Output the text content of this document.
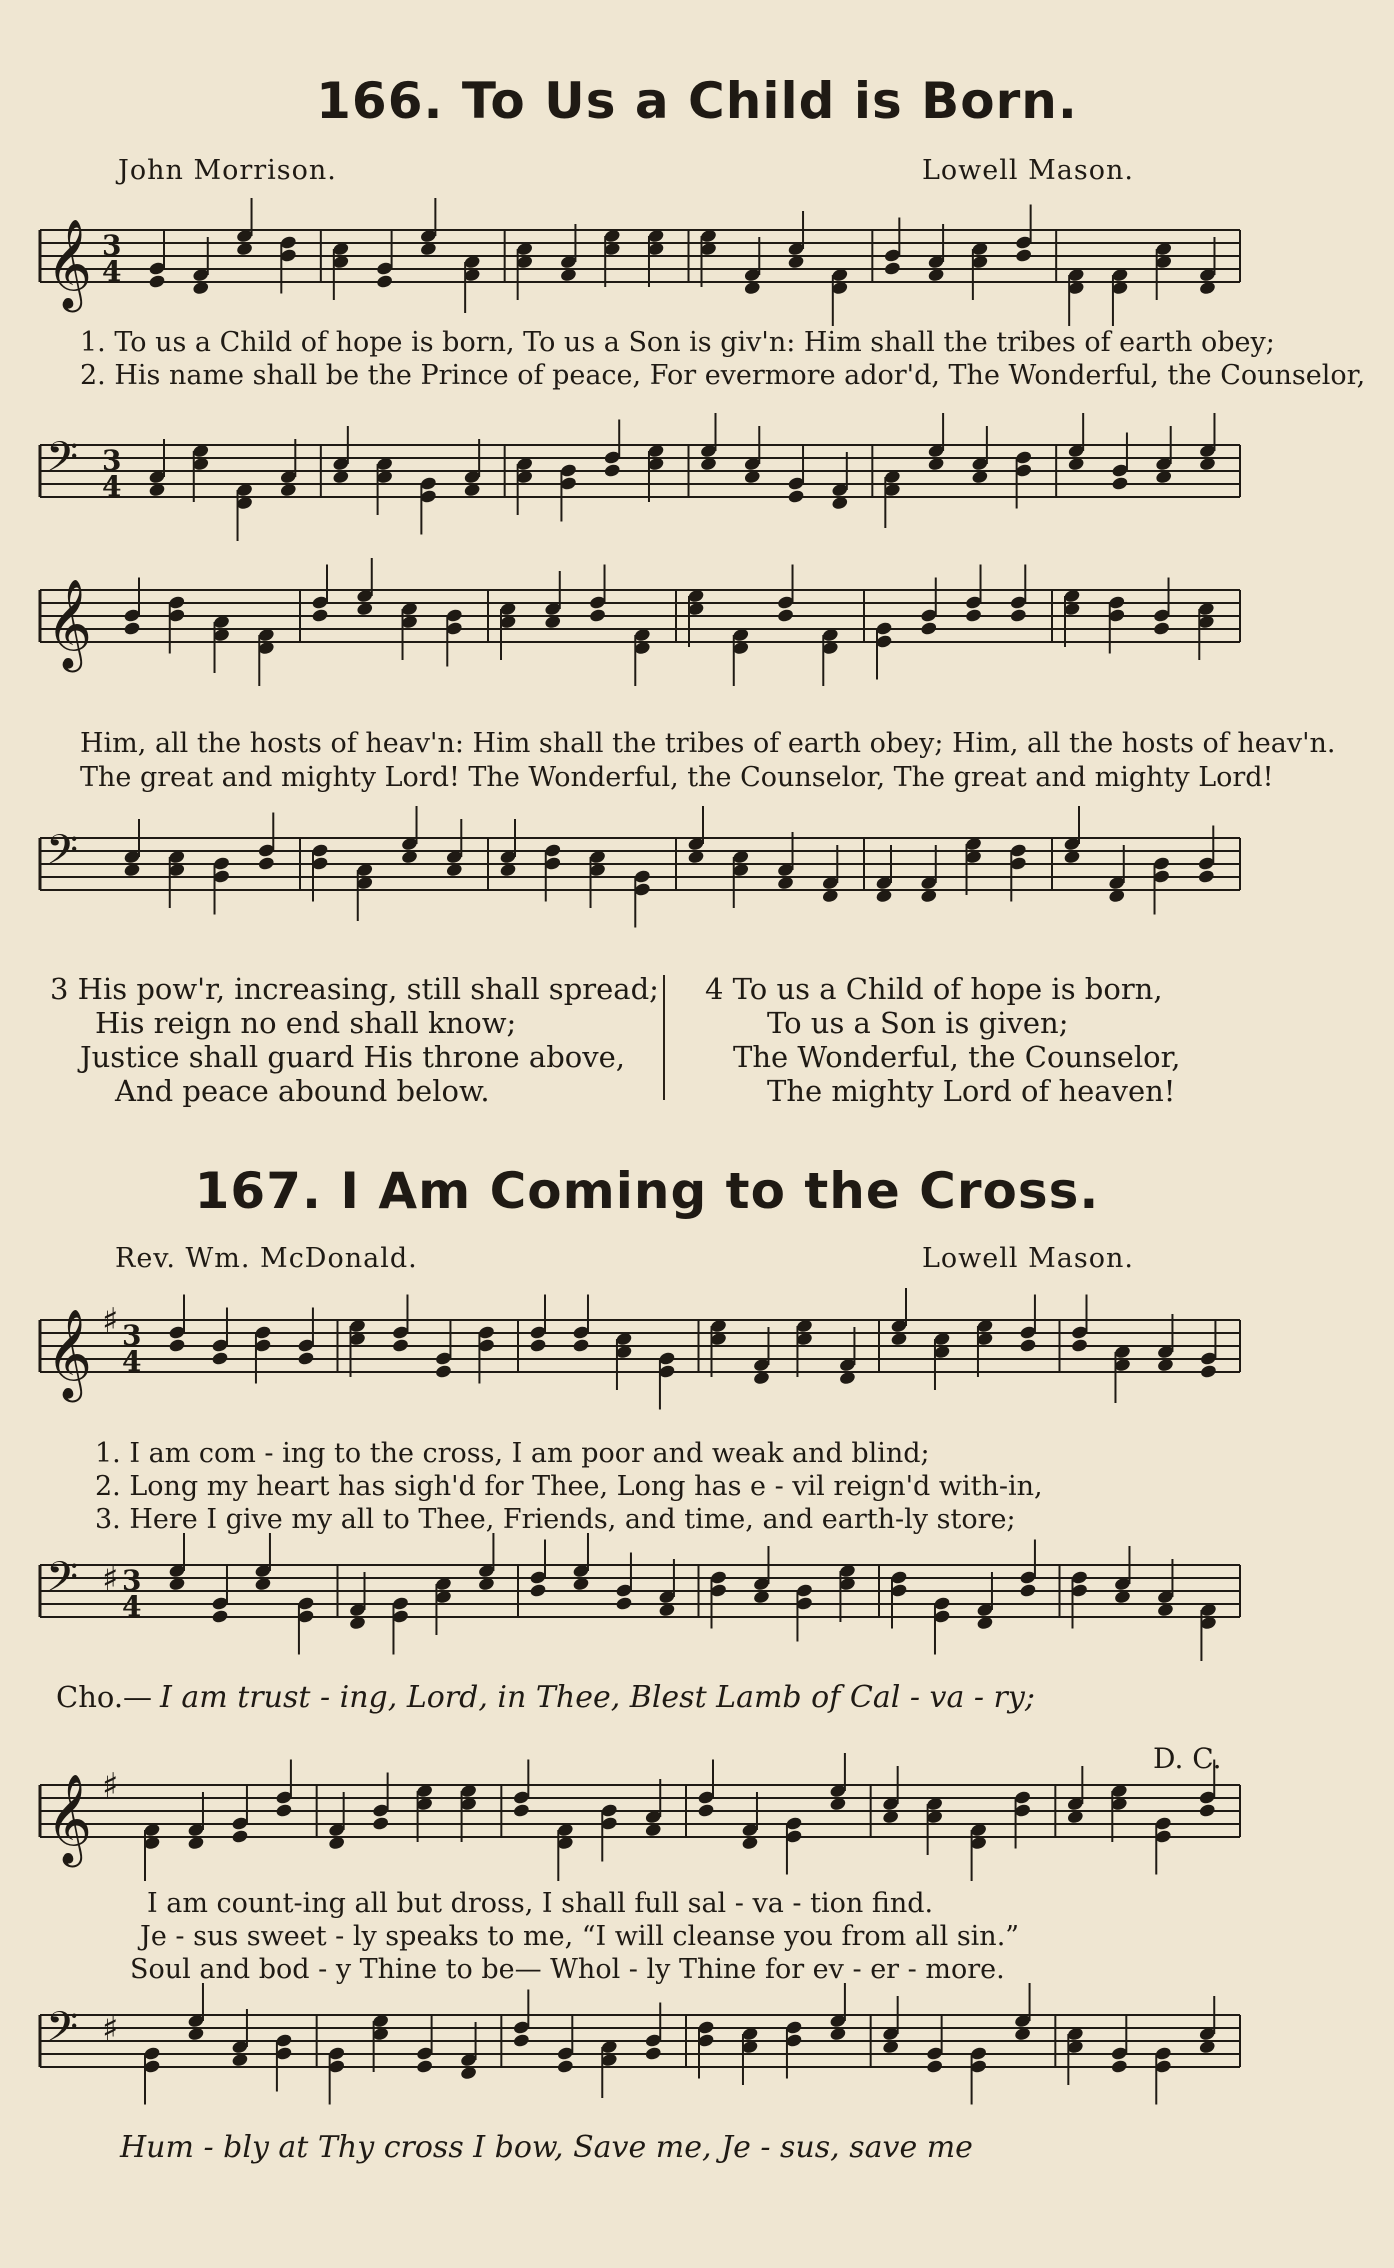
166. To Us a Child is Born.
John Morrison.	Lowell Mason.
𝄞 3
4
1. To us a Child of hope is born, To us a Son is giv'n: Him shall the tribes of earth obey;
2. His name shall be the Prince of peace, For evermore ador'd, The Wonderful, the Counselor,
𝄢 3
4
𝄞
Him, all the hosts of heav'n: Him shall the tribes of earth obey; Him, all the hosts of heav'n.
The great and mighty Lord! The Wonderful, the Counselor, The great and mighty Lord!
𝄢
3 His pow'r, increasing, still shall spread;
His reign no end shall know;
Justice shall guard His throne above,
And peace abound below.
4 To us a Child of hope is born,
To us a Son is given;
The Wonderful, the Counselor,
The mighty Lord of heaven!
167. I Am Coming to the Cross.
Rev. Wm. McDonald.	Lowell Mason.
𝄞 ♯ 3
4
1. I am com - ing to the cross, I am poor and weak and blind;
2. Long my heart has sigh'd for Thee, Long has e - vil reign'd with-in,
3. Here I give my all to Thee, Friends, and time, and earth-ly store;
𝄢 ♯ 3
4
Cho.— I am trust - ing, Lord, in Thee, Blest Lamb of Cal - va - ry;
D. C.
𝄞 ♯
I am count-ing all but dross, I shall full sal - va - tion find.
Je - sus sweet - ly speaks to me, “I will cleanse you from all sin.”
Soul and bod - y Thine to be— Whol - ly Thine for ev - er - more.
𝄢 ♯
Hum - bly at Thy cross I bow, Save me, Je - sus, save me
